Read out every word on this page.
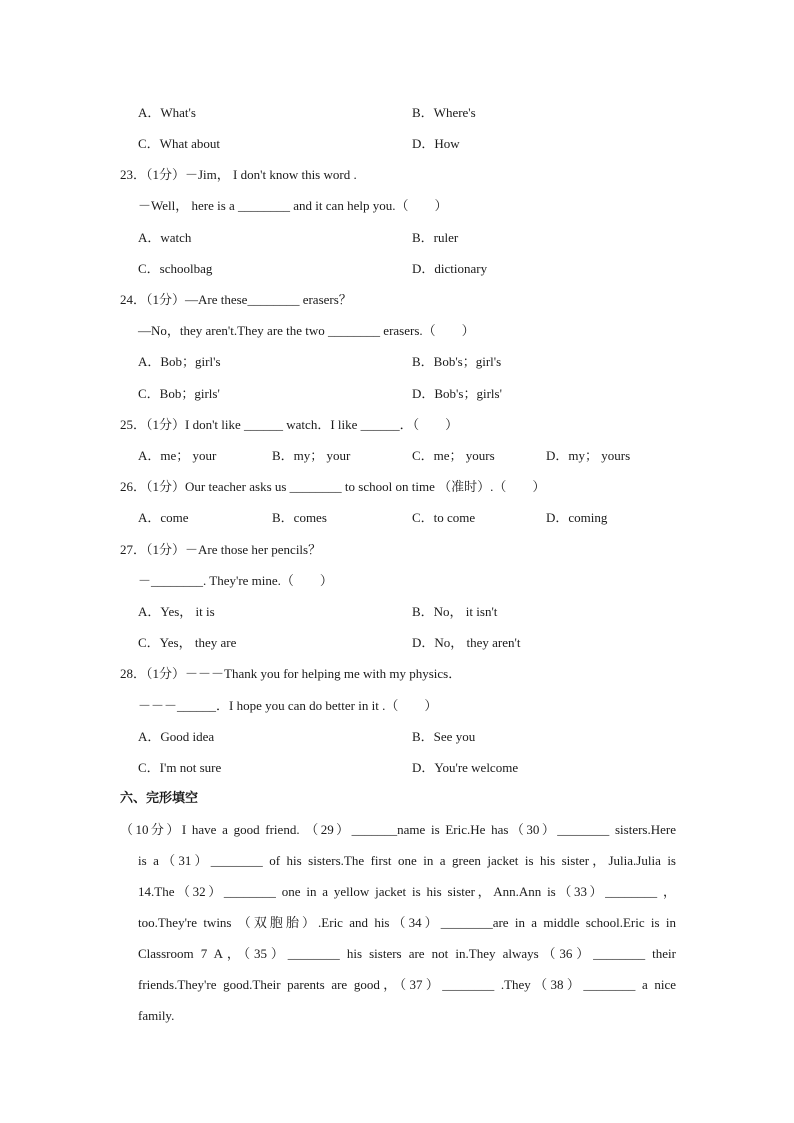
A．What's	B．Where's
C．What about	D．How
23．（1分）－Jim， I don't know this word .
－Well， here is a ________ and it can help you.（　　）
A．watch	B．ruler
C．schoolbag	D．dictionary
24．（1分）—Are these________ erasers？
—No，they aren't.They are the two ________ erasers.（　　）
A．Bob；girl's	B．Bob's；girl's
C．Bob；girls'	D．Bob's；girls'
25．（1分）I don't like ______ watch．I like ______．（　　）
A．me； your	B．my； your	C．me； yours	D．my； yours
26．（1分）Our teacher asks us ________ to school on time （准时）.（　　）
A．come	B．comes	C．to come	D．coming
27．（1分）－Are those her pencils？
－________. They're mine.（　　）
A．Yes， it is	B．No， it isn't
C．Yes， they are	D．No， they aren't
28．（1分）－－－Thank you for helping me with my physics．
－－－______．I hope you can do better in it .（　　）
A．Good idea	B．See you
C．I'm not sure	D．You're welcome
六、完形填空
（10分）I have a good friend. （29）_______name is Eric.He has（30）________ sisters.Here
is a（31）________ of his sisters.The first one in a green jacket is his sister，Julia.Julia is
14.The（32）________ one in a yellow jacket is his sister，Ann.Ann is（33）________ ，
too.They're twins （双胞胎）.Eric and his（34）________are in a middle school.Eric is in
Classroom 7 A，（35）________ his sisters are not in.They always（36）________ their
friends.They're good.Their parents are good，（37）________ .They（38）________ a nice
family.
